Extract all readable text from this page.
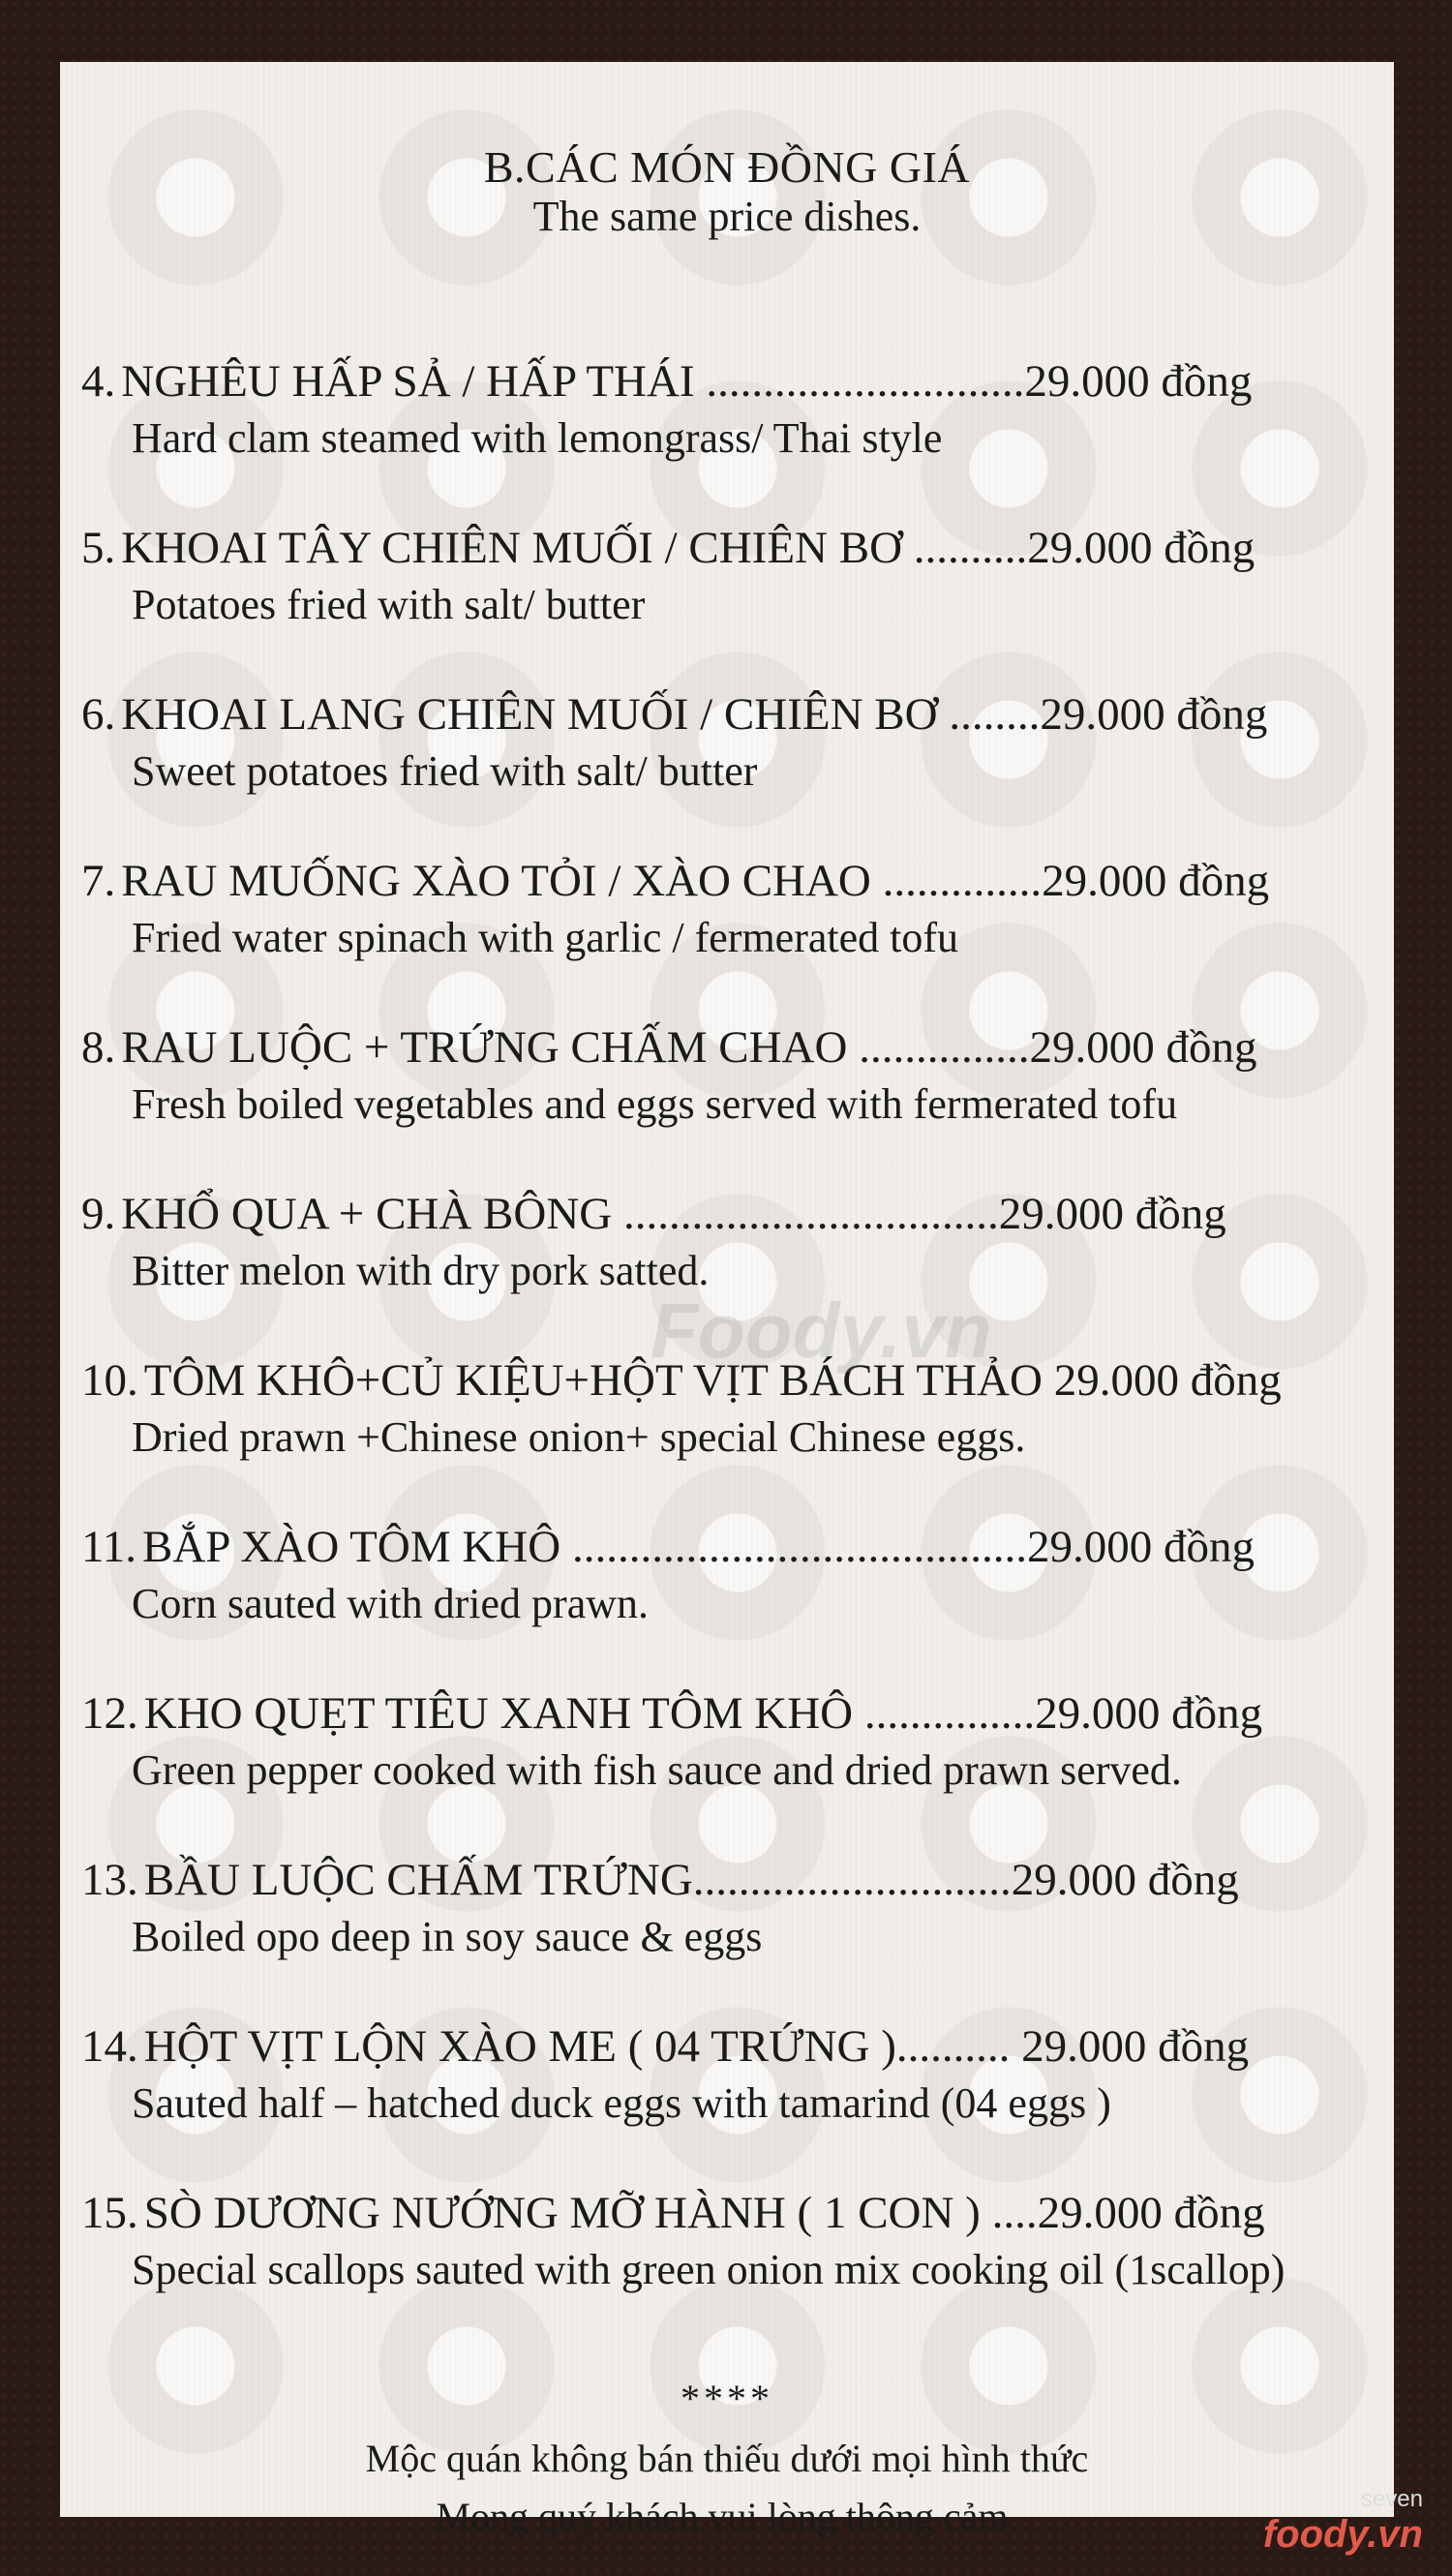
B.CÁC MÓN ĐỒNG GIÁ
The same price dishes.
4. NGHÊU HẤP SẢ / HẤP THÁI ............................29.000 đồng
Hard clam steamed with lemongrass/ Thai style
5. KHOAI TÂY CHIÊN MUỐI / CHIÊN BƠ ..........29.000 đồng
Potatoes fried with salt/ butter
6. KHOAI LANG CHIÊN MUỐI / CHIÊN BƠ ........29.000 đồng
Sweet potatoes fried with salt/ butter
7. RAU MUỐNG XÀO TỎI / XÀO CHAO ..............29.000 đồng
Fried water spinach with garlic / fermerated tofu
8. RAU LUỘC + TRỨNG CHẤM CHAO ...............29.000 đồng
Fresh boiled vegetables and eggs served with fermerated tofu
9. KHỔ QUA + CHÀ BÔNG .................................29.000 đồng
Bitter melon with dry pork satted.
10. TÔM KHÔ+CỦ KIỆU+HỘT VỊT BÁCH THẢO 29.000 đồng
Dried prawn +Chinese onion+ special Chinese eggs.
11. BẮP XÀO TÔM KHÔ ........................................29.000 đồng
Corn sauted with dried prawn.
12. KHO QUẸT TIÊU XANH TÔM KHÔ ...............29.000 đồng
Green pepper cooked with fish sauce and dried prawn served.
13. BẦU LUỘC CHẤM TRỨNG............................29.000 đồng
Boiled opo deep in soy sauce & eggs
14. HỘT VỊT LỘN XÀO ME ( 04 TRỨNG ).......... 29.000 đồng
Sauted half – hatched duck eggs with tamarind (04 eggs )
15. SÒ DƯƠNG NƯỚNG MỠ HÀNH ( 1 CON ) ....29.000 đồng
Special scallops sauted with green onion mix cooking oil (1scallop)
Foody.vn
****
Mộc quán không bán thiếu dưới mọi hình thức
Mong quý khách vui lòng thông cảm.	seven
foody.vn
